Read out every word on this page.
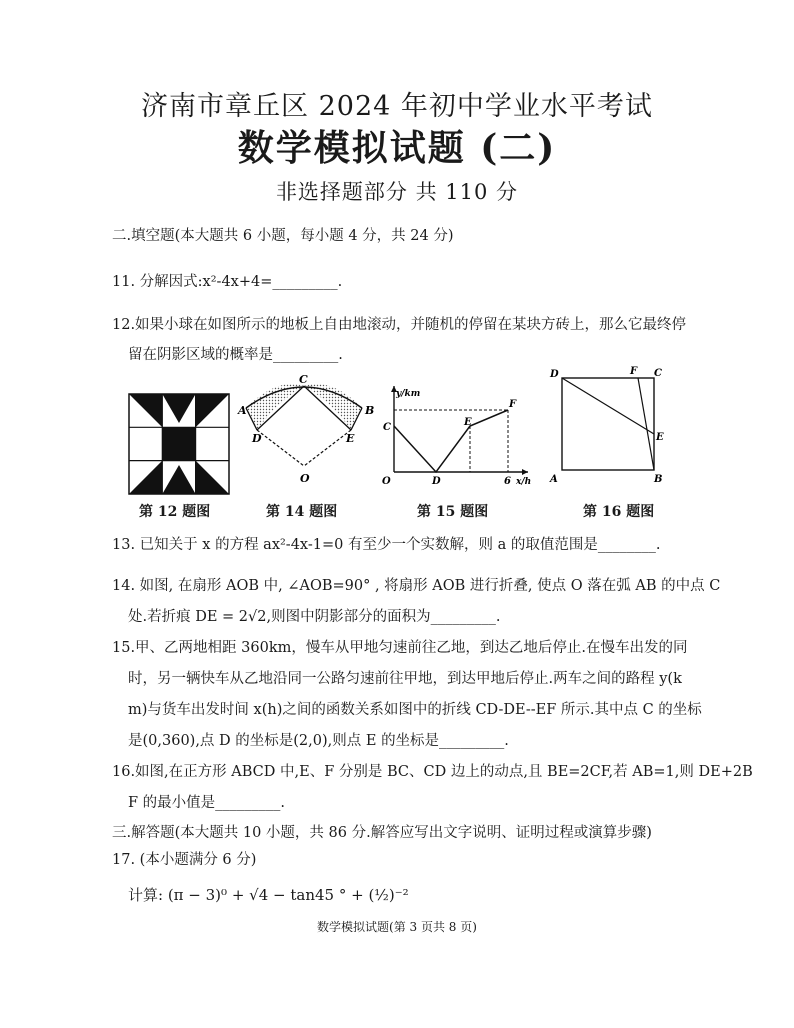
济南市章丘区 2024 年初中学业水平考试
数学模拟试题 (二)
非选择题部分 共 110 分
二.填空题(本大题共 6 小题，每小题 4 分，共 24 分)
11. 分解因式:x²-4x+4=_________.
12.如果小球在如图所示的地板上自由地滚动，并随机的停留在某块方砖上，那么它最终停
留在阴影区域的概率是_________.
第 12 题图
A	B
C
D	E
O
第 14 题图
y/km
x/h
O
C
D
E
F
6
第 15 题图
D	F C
E
A	B
第 16 题图
13. 已知关于 x 的方程 ax²-4x-1=0 有至少一个实数解，则 a 的取值范围是________.
14. 如图, 在扇形 AOB 中, ∠AOB=90° , 将扇形 AOB 进行折叠, 使点 O 落在弧 AB 的中点 C
处.若折痕 DE = 2√2,则图中阴影部分的面积为_________.
15.甲、乙两地相距 360km，慢车从甲地匀速前往乙地，到达乙地后停止.在慢车出发的同
时，另一辆快车从乙地沿同一公路匀速前往甲地，到达甲地后停止.两车之间的路程 y(k
m)与货车出发时间 x(h)之间的函数关系如图中的折线 CD-DE--EF 所示.其中点 C 的坐标
是(0,360),点 D 的坐标是(2,0),则点 E 的坐标是_________.
16.如图,在正方形 ABCD 中,E、F 分别是 BC、CD 边上的动点,且 BE=2CF,若 AB=1,则 DE+2B
F 的最小值是_________.
三.解答题(本大题共 10 小题，共 86 分.解答应写出文字说明、证明过程或演算步骤)
17. (本小题满分 6 分)
计算: (π − 3)⁰ + √4 − tan45 ° + (½)⁻²
数学模拟试题(第 3 页共 8 页)
